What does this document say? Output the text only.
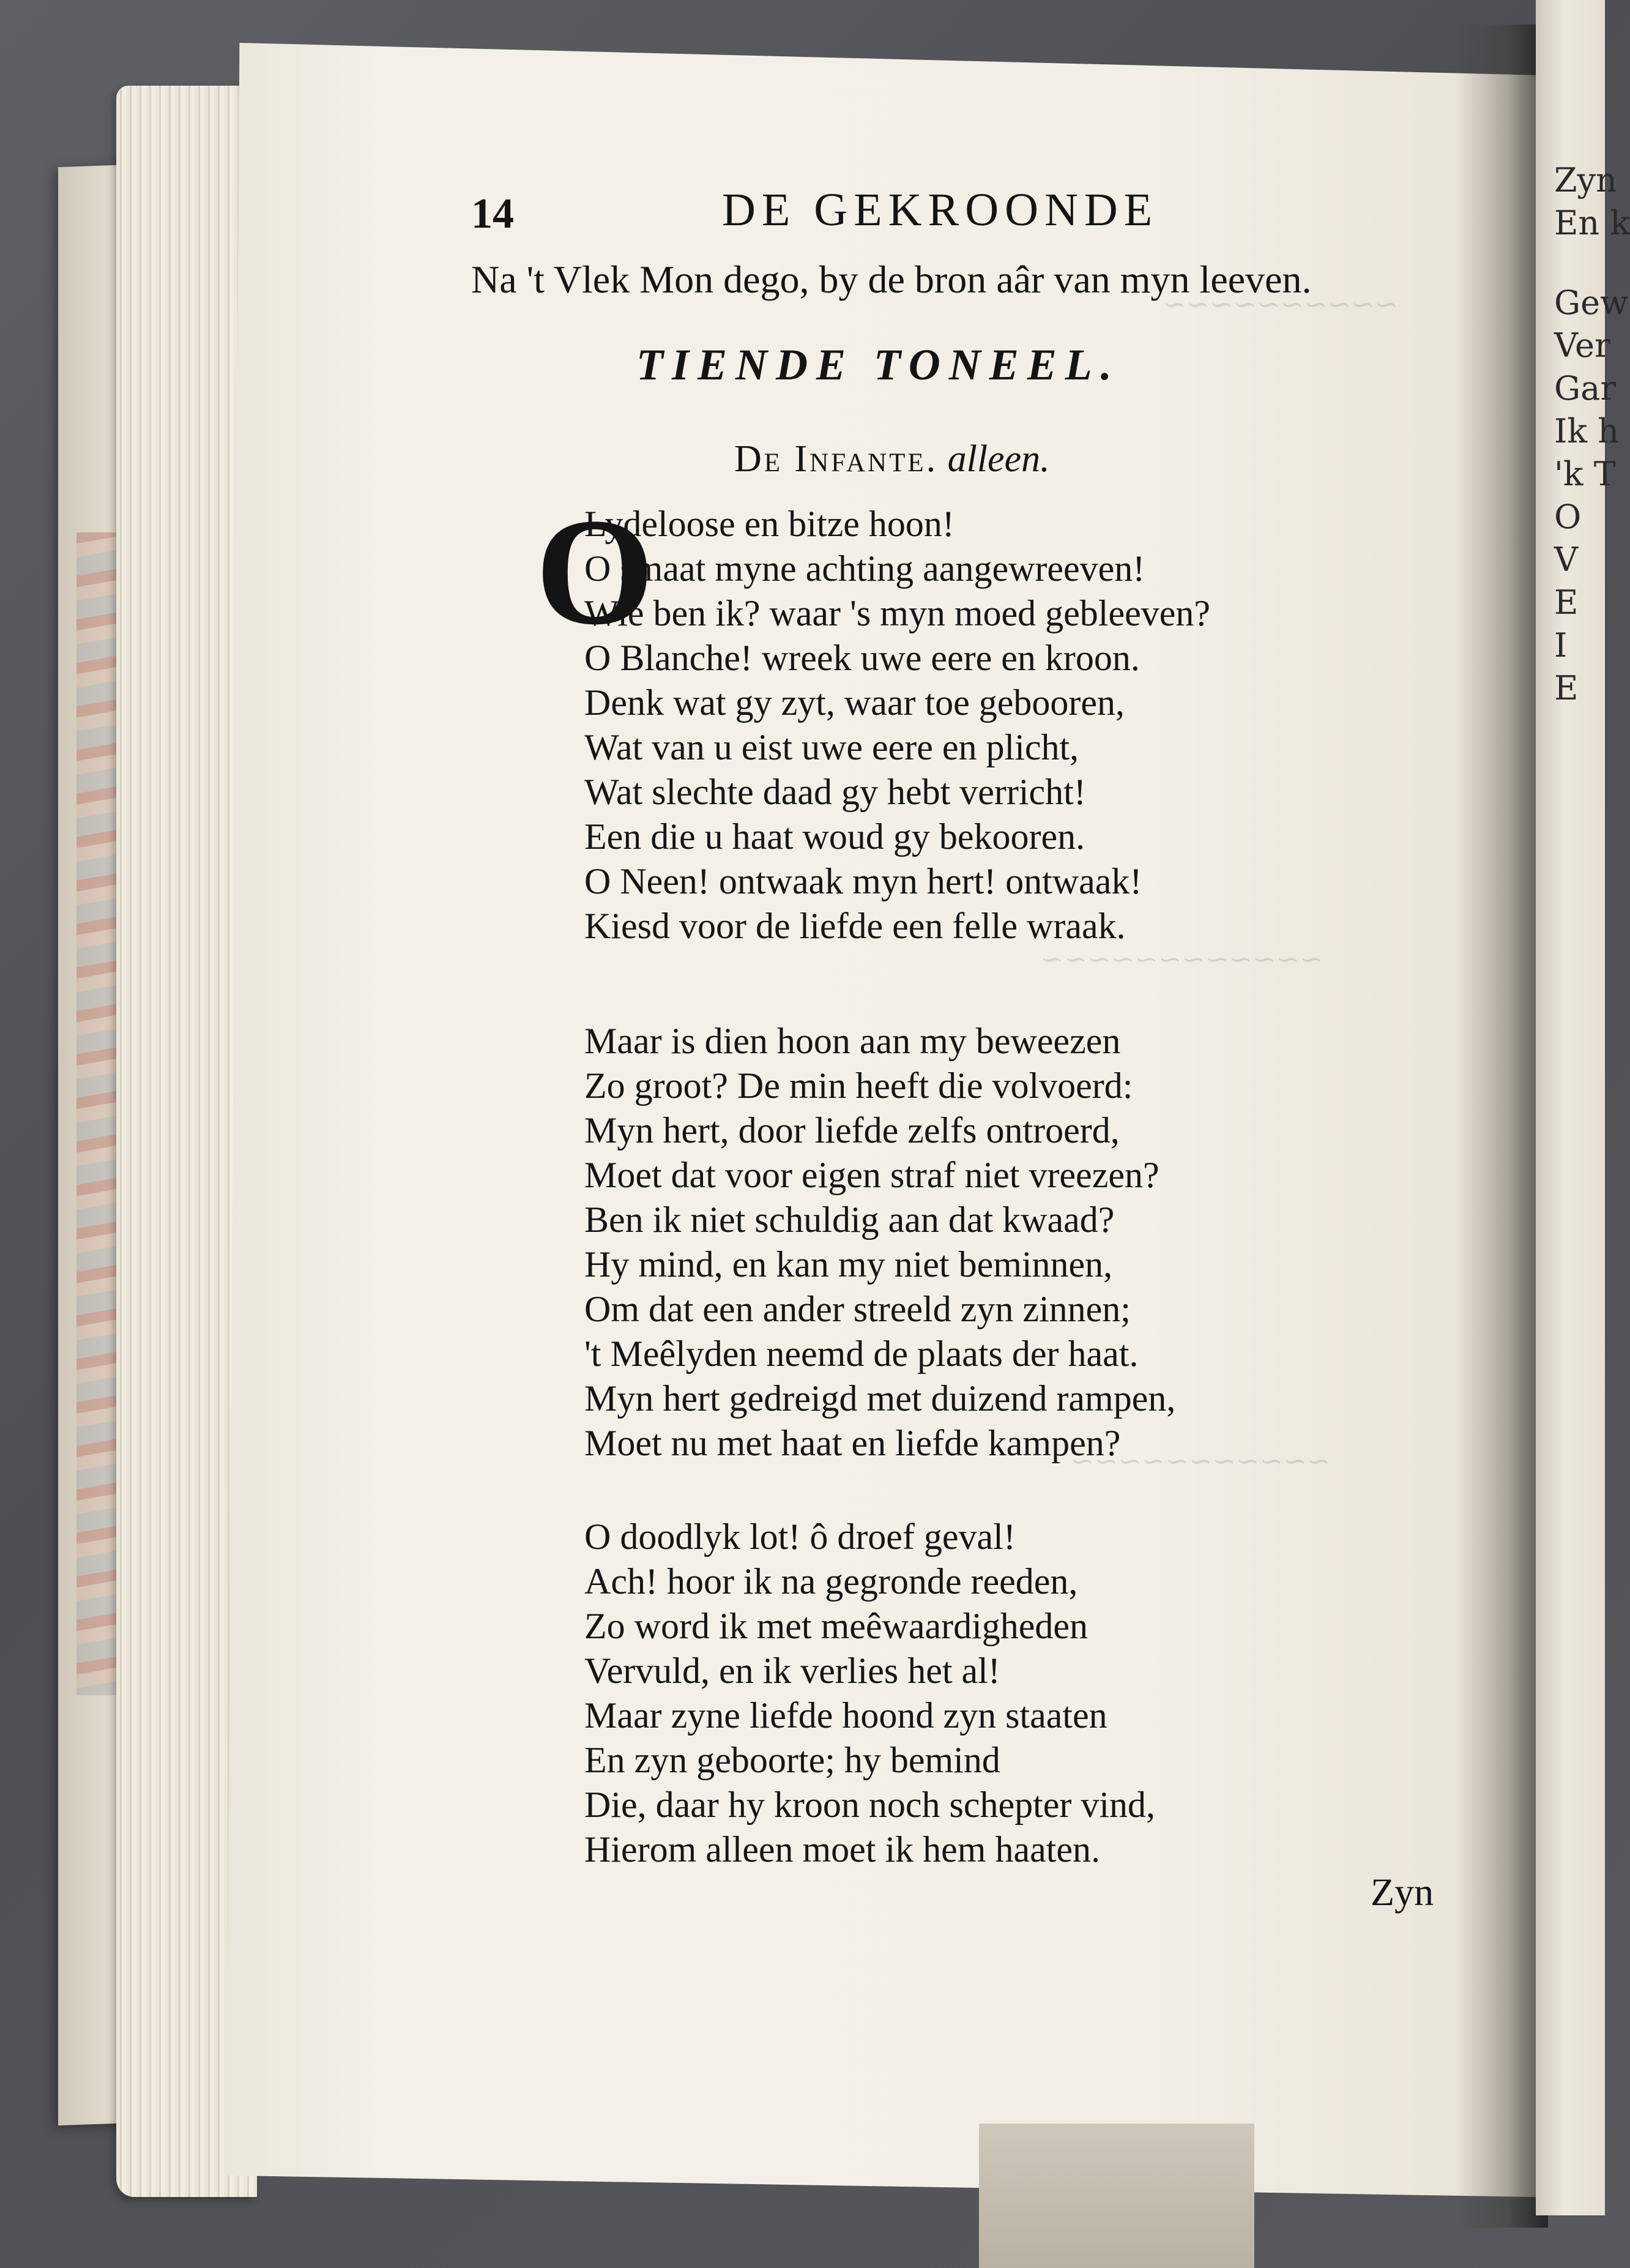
~~~~~~~~~~
~~~~~~~~~~~~
~~~~~~~~~~~
Zyn
En k
Gew
Ver
Gar
Ik h
'k T
O
V
E
I
E
14	DE GEKROONDE
Na 't Vlek Mon dego, by de bron aâr van myn leeven.
TIENDE TONEEL.
De Infante. alleen.
O
Lydeloose en bitze hoon!
O smaat myne achting aangewreeven!
Wie ben ik? waar 's myn moed gebleeven?
O Blanche! wreek uwe eere en kroon.
Denk wat gy zyt, waar toe gebooren,
Wat van u eist uwe eere en plicht,
Wat slechte daad gy hebt verricht!
Een die u haat woud gy bekooren.
O Neen! ontwaak myn hert! ontwaak!
Kiesd voor de liefde een felle wraak.
Maar is dien hoon aan my beweezen
Zo groot? De min heeft die volvoerd:
Myn hert, door liefde zelfs ontroerd,
Moet dat voor eigen straf niet vreezen?
Ben ik niet schuldig aan dat kwaad?
Hy mind, en kan my niet beminnen,
Om dat een ander streeld zyn zinnen;
't Meêlyden neemd de plaats der haat.
Myn hert gedreigd met duizend rampen,
Moet nu met haat en liefde kampen?
O doodlyk lot! ô droef geval!
Ach! hoor ik na gegronde reeden,
Zo word ik met meêwaardigheden
Vervuld, en ik verlies het al!
Maar zyne liefde hoond zyn staaten
En zyn geboorte; hy bemind
Die, daar hy kroon noch schepter vind,
Hierom alleen moet ik hem haaten.
Zyn
